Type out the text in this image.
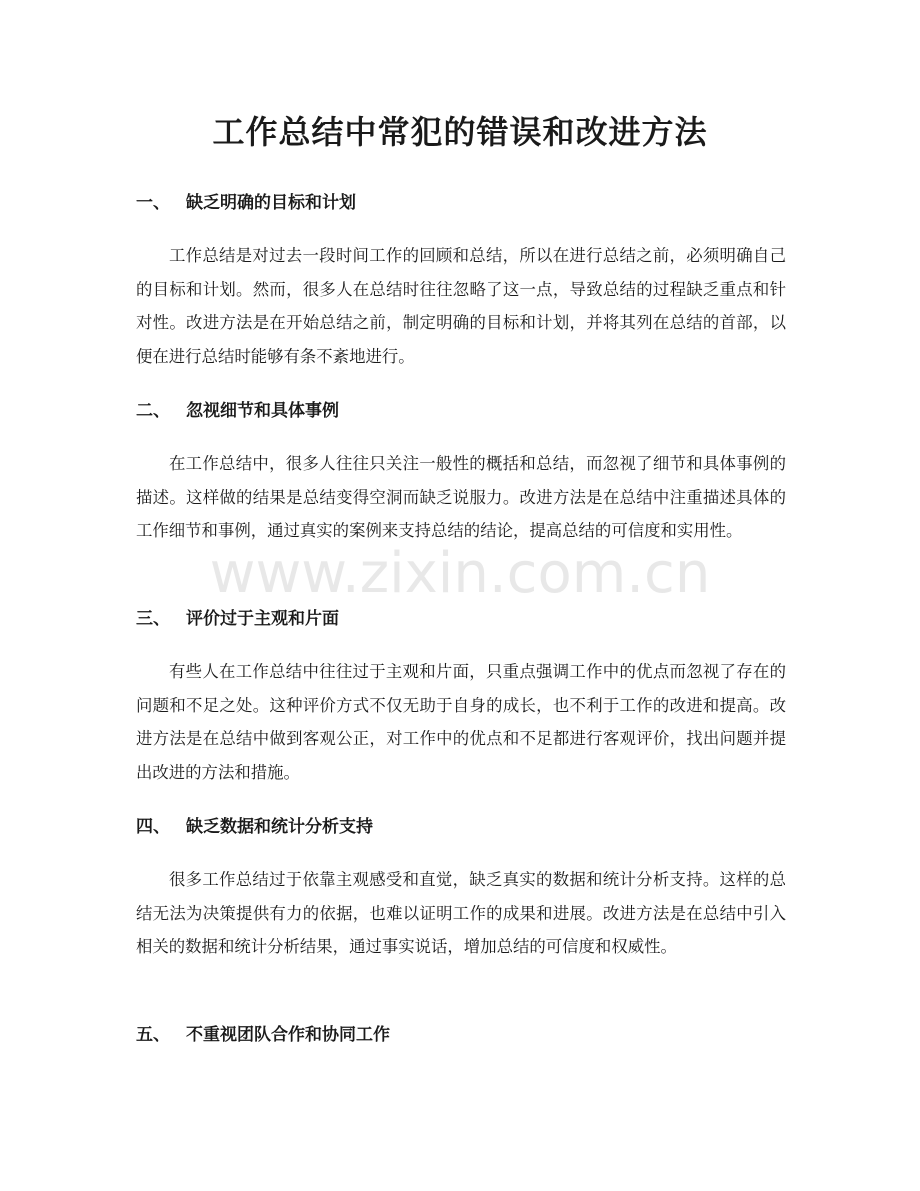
工作总结中常犯的错误和改进方法
一、 缺乏明确的目标和计划

工作总结是对过去一段时间工作的回顾和总结，所以在进行总结之前，必须明确自己的目标和计划。然而，很多人在总结时往往忽略了这一点，导致总结的过程缺乏重点和针对性。改进方法是在开始总结之前，制定明确的目标和计划，并将其列在总结的首部，以便在进行总结时能够有条不紊地进行。

二、 忽视细节和具体事例

在工作总结中，很多人往往只关注一般性的概括和总结，而忽视了细节和具体事例的描述。这样做的结果是总结变得空洞而缺乏说服力。改进方法是在总结中注重描述具体的工作细节和事例，通过真实的案例来支持总结的结论，提高总结的可信度和实用性。

三、 评价过于主观和片面

有些人在工作总结中往往过于主观和片面，只重点强调工作中的优点而忽视了存在的问题和不足之处。这种评价方式不仅无助于自身的成长，也不利于工作的改进和提高。改进方法是在总结中做到客观公正，对工作中的优点和不足都进行客观评价，找出问题并提出改进的方法和措施。

四、 缺乏数据和统计分析支持

很多工作总结过于依靠主观感受和直觉，缺乏真实的数据和统计分析支持。这样的总结无法为决策提供有力的依据，也难以证明工作的成果和进展。改进方法是在总结中引入相关的数据和统计分析结果，通过事实说话，增加总结的可信度和权威性。

五、 不重视团队合作和协同工作
www.zixin.com.cn
